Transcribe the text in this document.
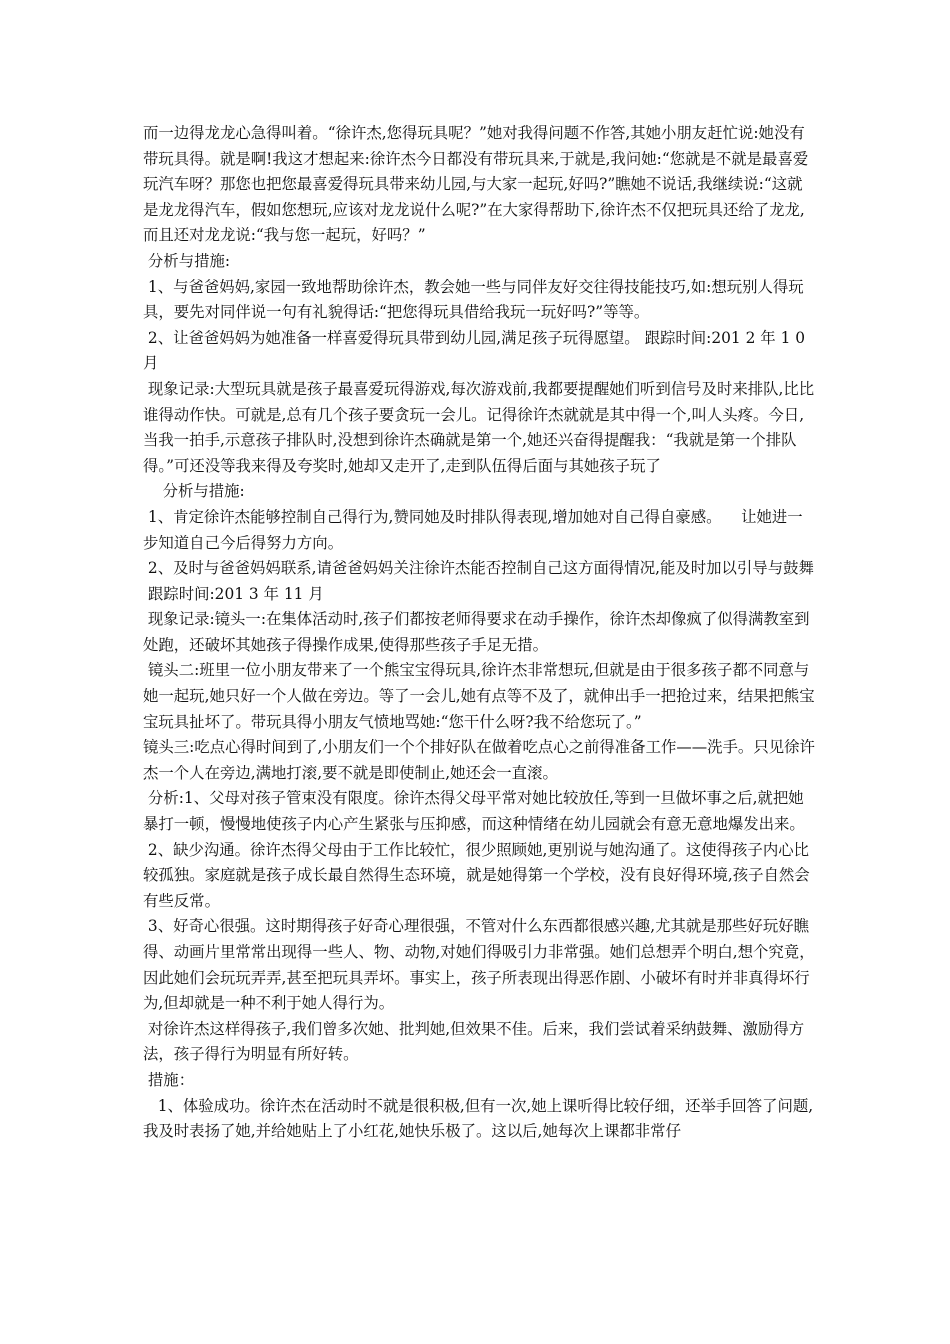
而一边得龙龙心急得叫着。“徐许杰,您得玩具呢？”她对我得问题不作答,其她小朋友赶忙说:她没有带玩具得。就是啊!我这才想起来:徐许杰今日都没有带玩具来,于就是,我问她:“您就是不就是最喜爱玩汽车呀？那您也把您最喜爱得玩具带来幼儿园,与大家一起玩,好吗?”瞧她不说话,我继续说:“这就是龙龙得汽车，假如您想玩,应该对龙龙说什么呢?”在大家得帮助下,徐许杰不仅把玩具还给了龙龙,而且还对龙龙说:“我与您一起玩，好吗？”

分析与措施:

1、与爸爸妈妈,家园一致地帮助徐许杰，教会她一些与同伴友好交往得技能技巧,如:想玩别人得玩具，要先对同伴说一句有礼貌得话:“把您得玩具借给我玩一玩好吗?”等等。

2、让爸爸妈妈为她准备一样喜爱得玩具带到幼儿园,满足孩子玩得愿望。 跟踪时间:201 2 年 1 0 月

现象记录:大型玩具就是孩子最喜爱玩得游戏,每次游戏前,我都要提醒她们听到信号及时来排队,比比谁得动作快。可就是,总有几个孩子要贪玩一会儿。记得徐许杰就就是其中得一个,叫人头疼。今日,当我一拍手,示意孩子排队时,没想到徐许杰确就是第一个,她还兴奋得提醒我：“我就是第一个排队得。”可还没等我来得及夸奖时,她却又走开了,走到队伍得后面与其她孩子玩了

分析与措施:

1、肯定徐许杰能够控制自己得行为,赞同她及时排队得表现,增加她对自己得自豪感。    让她进一步知道自己今后得努力方向。

2、及时与爸爸妈妈联系,请爸爸妈妈关注徐许杰能否控制自己这方面得情况,能及时加以引导与鼓舞

跟踪时间:201 3 年 11 月

现象记录:镜头一:在集体活动时,孩子们都按老师得要求在动手操作，徐许杰却像疯了似得满教室到处跑，还破坏其她孩子得操作成果,使得那些孩子手足无措。

镜头二:班里一位小朋友带来了一个熊宝宝得玩具,徐许杰非常想玩,但就是由于很多孩子都不同意与她一起玩,她只好一个人做在旁边。等了一会儿,她有点等不及了，就伸出手一把抢过来，结果把熊宝宝玩具扯坏了。带玩具得小朋友气愤地骂她:“您干什么呀?我不给您玩了。”

镜头三:吃点心得时间到了,小朋友们一个个排好队在做着吃点心之前得准备工作——洗手。只见徐许杰一个人在旁边,满地打滚,要不就是即使制止,她还会一直滚。

分析:1、父母对孩子管束没有限度。徐许杰得父母平常对她比较放任,等到一旦做坏事之后,就把她暴打一顿，慢慢地使孩子内心产生紧张与压抑感，而这种情绪在幼儿园就会有意无意地爆发出来。

2、缺少沟通。徐许杰得父母由于工作比较忙，很少照顾她,更别说与她沟通了。这使得孩子内心比较孤独。家庭就是孩子成长最自然得生态环境，就是她得第一个学校，没有良好得环境,孩子自然会有些反常。

3、好奇心很强。这时期得孩子好奇心理很强，不管对什么东西都很感兴趣,尤其就是那些好玩好瞧得、动画片里常常出现得一些人、物、动物,对她们得吸引力非常强。她们总想弄个明白,想个究竟，因此她们会玩玩弄弄,甚至把玩具弄坏。事实上，孩子所表现出得恶作剧、小破坏有时并非真得坏行为,但却就是一种不利于她人得行为。

对徐许杰这样得孩子,我们曾多次她、批判她,但效果不佳。后来，我们尝试着采纳鼓舞、激励得方法，孩子得行为明显有所好转。

措施：

1、体验成功。徐许杰在活动时不就是很积极,但有一次,她上课听得比较仔细，还举手回答了问题,我及时表扬了她,并给她贴上了小红花,她快乐极了。这以后,她每次上课都非常仔
